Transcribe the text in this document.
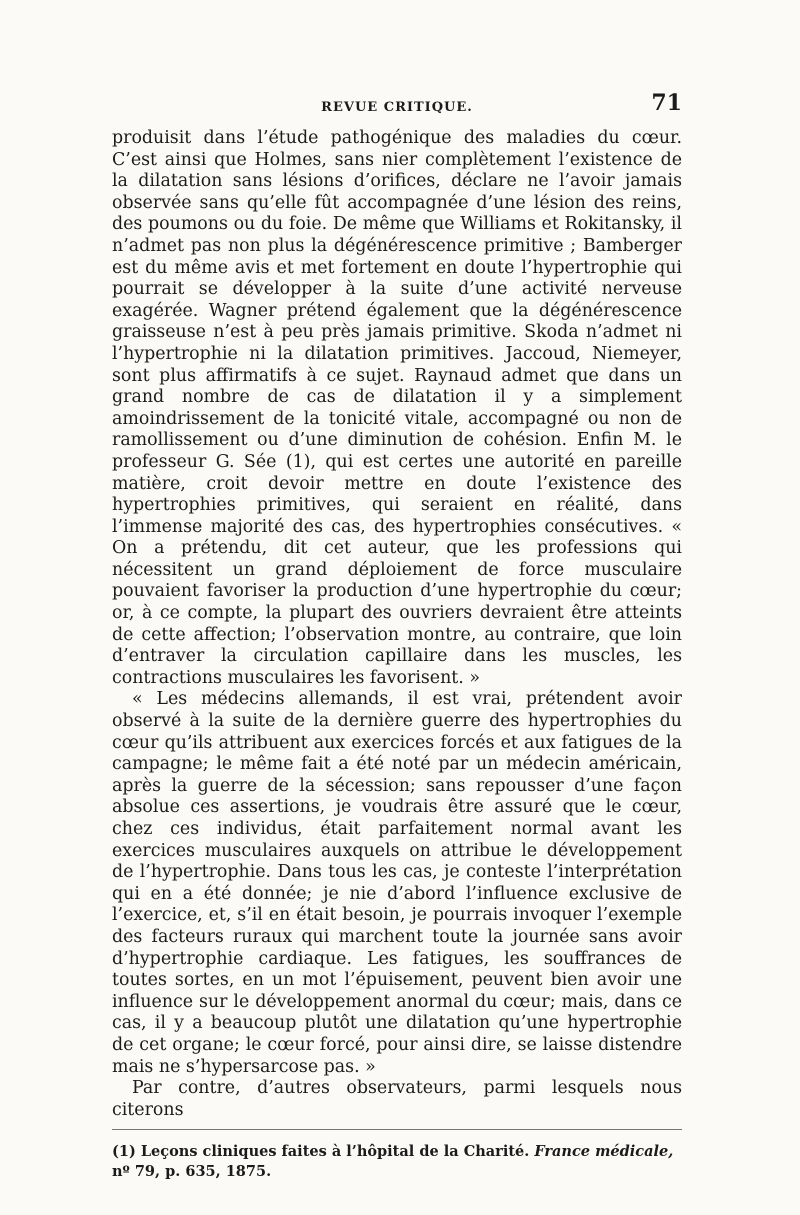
REVUE CRITIQUE.	71

produisit dans l’étude pathogénique des maladies du cœur. C’est ainsi que Holmes, sans nier complètement l’existence de la dilatation sans lésions d’orifices, déclare ne l’avoir jamais observée sans qu’elle fût accompagnée d’une lésion des reins, des poumons ou du foie. De même que Williams et Rokitansky, il n’admet pas non plus la dégénérescence primitive ; Bamberger est du même avis et met fortement en doute l’hypertrophie qui pourrait se développer à la suite d’une activité nerveuse exagérée. Wagner prétend également que la dégénérescence graisseuse n’est à peu près jamais primitive. Skoda n’admet ni l’hypertrophie ni la dilatation primitives. Jaccoud, Niemeyer, sont plus affirmatifs à ce sujet. Raynaud admet que dans un grand nombre de cas de dilatation il y a simplement amoindrissement de la tonicité vitale, accompagné ou non de ramollissement ou d’une diminution de cohésion. Enfin M. le professeur G. Sée (1), qui est certes une autorité en pareille matière, croit devoir mettre en doute l’existence des hypertrophies primitives, qui seraient en réalité, dans l’immense majorité des cas, des hypertrophies consécutives. « On a prétendu, dit cet auteur, que les professions qui nécessitent un grand déploiement de force musculaire pouvaient favoriser la production d’une hypertrophie du cœur; or, à ce compte, la plupart des ouvriers devraient être atteints de cette affection; l’observation montre, au contraire, que loin d’entraver la circulation capillaire dans les muscles, les contractions musculaires les favorisent. »

« Les médecins allemands, il est vrai, prétendent avoir observé à la suite de la dernière guerre des hypertrophies du cœur qu’ils attribuent aux exercices forcés et aux fatigues de la campagne; le même fait a été noté par un médecin américain, après la guerre de la sécession; sans repousser d’une façon absolue ces assertions, je voudrais être assuré que le cœur, chez ces individus, était parfaitement normal avant les exercices musculaires auxquels on attribue le développement de l’hypertrophie. Dans tous les cas, je conteste l’interprétation qui en a été donnée; je nie d’abord l’influence exclusive de l’exercice, et, s’il en était besoin, je pourrais invoquer l’exemple des facteurs ruraux qui marchent toute la journée sans avoir d’hypertrophie cardiaque. Les fatigues, les souffrances de toutes sortes, en un mot l’épuisement, peuvent bien avoir une influence sur le développement anormal du cœur; mais, dans ce cas, il y a beaucoup plutôt une dilatation qu’une hypertrophie de cet organe; le cœur forcé, pour ainsi dire, se laisse distendre mais ne s’hypersarcose pas. »

Par contre, d’autres observateurs, parmi lesquels nous citerons

(1) Leçons cliniques faites à l’hôpital de la Charité. France médicale, nº 79, p. 635, 1875.
